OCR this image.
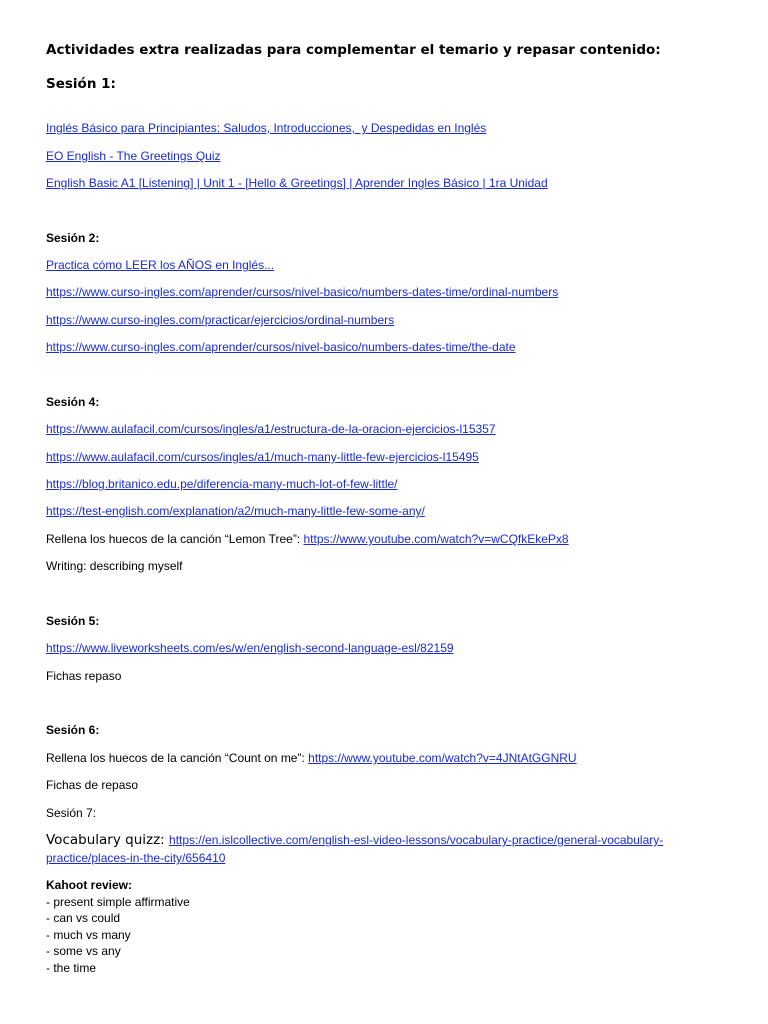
Actividades extra realizadas para complementar el temario y repasar contenido:
Sesión 1:
Inglés Básico para Principiantes: Saludos, Introducciones,  y Despedidas en Inglés
EO English - The Greetings Quiz
English Basic A1 [Listening] | Unit 1 - [Hello & Greetings] | Aprender Ingles Básico | 1ra Unidad
Sesión 2:
Practica cómo LEER los AÑOS en Inglés...
https://www.curso-ingles.com/aprender/cursos/nivel-basico/numbers-dates-time/ordinal-numbers
https://www.curso-ingles.com/practicar/ejercicios/ordinal-numbers
https://www.curso-ingles.com/aprender/cursos/nivel-basico/numbers-dates-time/the-date
Sesión 4:
https://www.aulafacil.com/cursos/ingles/a1/estructura-de-la-oracion-ejercicios-l15357
https://www.aulafacil.com/cursos/ingles/a1/much-many-little-few-ejercicios-l15495
https://blog.britanico.edu.pe/diferencia-many-much-lot-of-few-little/
https://test-english.com/explanation/a2/much-many-little-few-some-any/
Rellena los huecos de la canción “Lemon Tree”: https://www.youtube.com/watch?v=wCQfkEkePx8
Writing: describing myself
Sesión 5:
https://www.liveworksheets.com/es/w/en/english-second-language-esl/82159
Fichas repaso
Sesión 6:
Rellena los huecos de la canción “Count on me”: https://www.youtube.com/watch?v=4JNtAtGGNRU
Fichas de repaso
Sesión 7:
Vocabulary quizz: https://en.islcollective.com/english-esl-video-lessons/vocabulary-practice/general-vocabulary-practice/places-in-the-city/656410
Kahoot review:
- present simple affirmative
- can vs could
- much vs many
- some vs any
- the time
